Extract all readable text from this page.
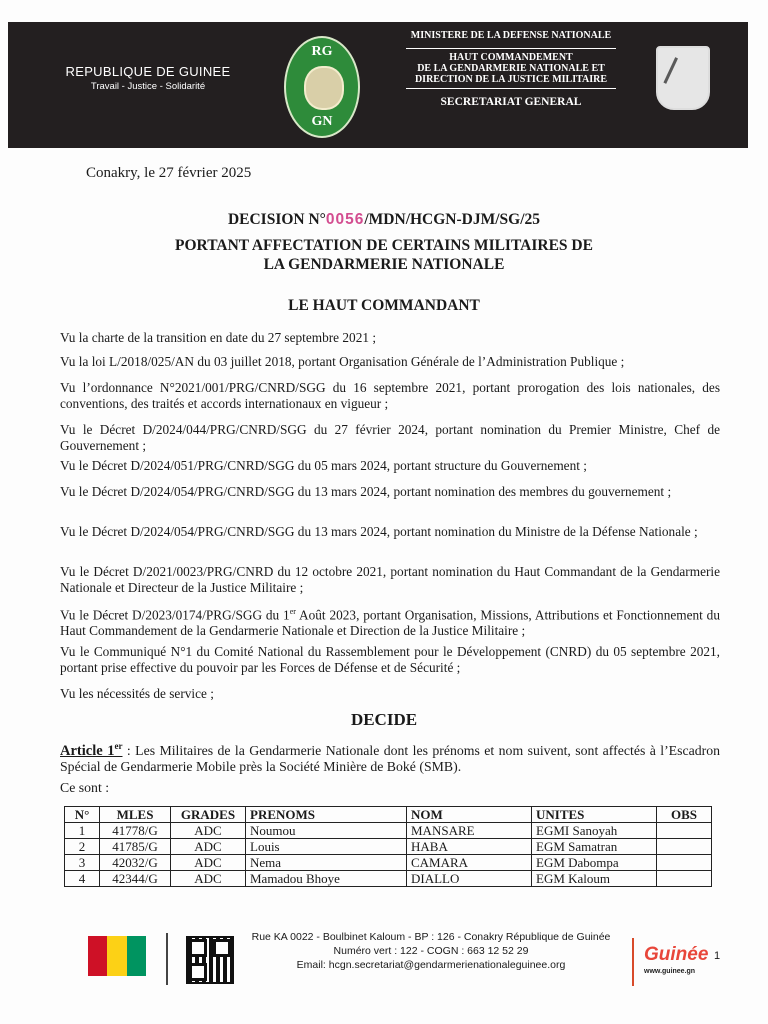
REPUBLIQUE DE GUINEE
Travail - Justice - Solidarité
RG
GN
MINISTERE DE LA DEFENSE NATIONALE
HAUT COMMANDEMENT
DE LA GENDARMERIE NATIONALE ET
DIRECTION DE LA JUSTICE MILITAIRE
SECRETARIAT GENERAL
Conakry, le 27 février 2025
DECISION N°0056/MDN/HCGN-DJM/SG/25
PORTANT AFFECTATION DE CERTAINS MILITAIRES DE
LA GENDARMERIE NATIONALE
LE HAUT COMMANDANT
Vu la charte de la transition en date du 27 septembre 2021 ;
Vu la loi L/2018/025/AN du 03 juillet 2018, portant Organisation Générale de l’Administration Publique ;
Vu l’ordonnance N°2021/001/PRG/CNRD/SGG du 16 septembre 2021, portant prorogation des lois nationales, des conventions, des traités et accords internationaux en vigueur ;
Vu le Décret D/2024/044/PRG/CNRD/SGG du 27 février 2024, portant nomination du Premier Ministre, Chef de Gouvernement ;
Vu le Décret D/2024/051/PRG/CNRD/SGG du 05 mars 2024, portant structure du Gouvernement ;
Vu le Décret D/2024/054/PRG/CNRD/SGG du 13 mars 2024, portant nomination des membres du gouvernement ;
Vu le Décret D/2024/054/PRG/CNRD/SGG du 13 mars 2024, portant nomination du Ministre de la Défense Nationale ;
Vu le Décret D/2021/0023/PRG/CNRD du 12 octobre 2021, portant nomination du Haut Commandant de la Gendarmerie Nationale et Directeur de la Justice Militaire ;
Vu le Décret D/2023/0174/PRG/SGG du 1er Août 2023, portant Organisation, Missions, Attributions et Fonctionnement du Haut Commandement de la Gendarmerie Nationale et Direction de la Justice Militaire ;
Vu le Communiqué N°1 du Comité National du Rassemblement pour le Développement (CNRD) du 05 septembre 2021, portant prise effective du pouvoir par les Forces de Défense et de Sécurité ;
Vu les nécessités de service ;
DECIDE
Article 1er : Les Militaires de la Gendarmerie Nationale dont les prénoms et nom suivent, sont affectés à l’Escadron Spécial de Gendarmerie Mobile près la Société Minière de Boké (SMB).
Ce sont :
N°	MLES	GRADES	PRENOMS	NOM	UNITES	OBS
1	41778/G	ADC	Noumou	MANSARE	EGMI Sanoyah	
2	41785/G	ADC	Louis	HABA	EGM Samatran	
3	42032/G	ADC	Nema	CAMARA	EGM Dabompa	
4	42344/G	ADC	Mamadou Bhoye	DIALLO	EGM Kaloum	
Rue KA 0022 - Boulbinet Kaloum - BP : 126 - Conakry République de Guinée
Numéro vert : 122 - COGN : 663 12 52 29
Email: hcgn.secretariat@gendarmerienationaleguinee.org	Guinée
www.guinee.gn
1
